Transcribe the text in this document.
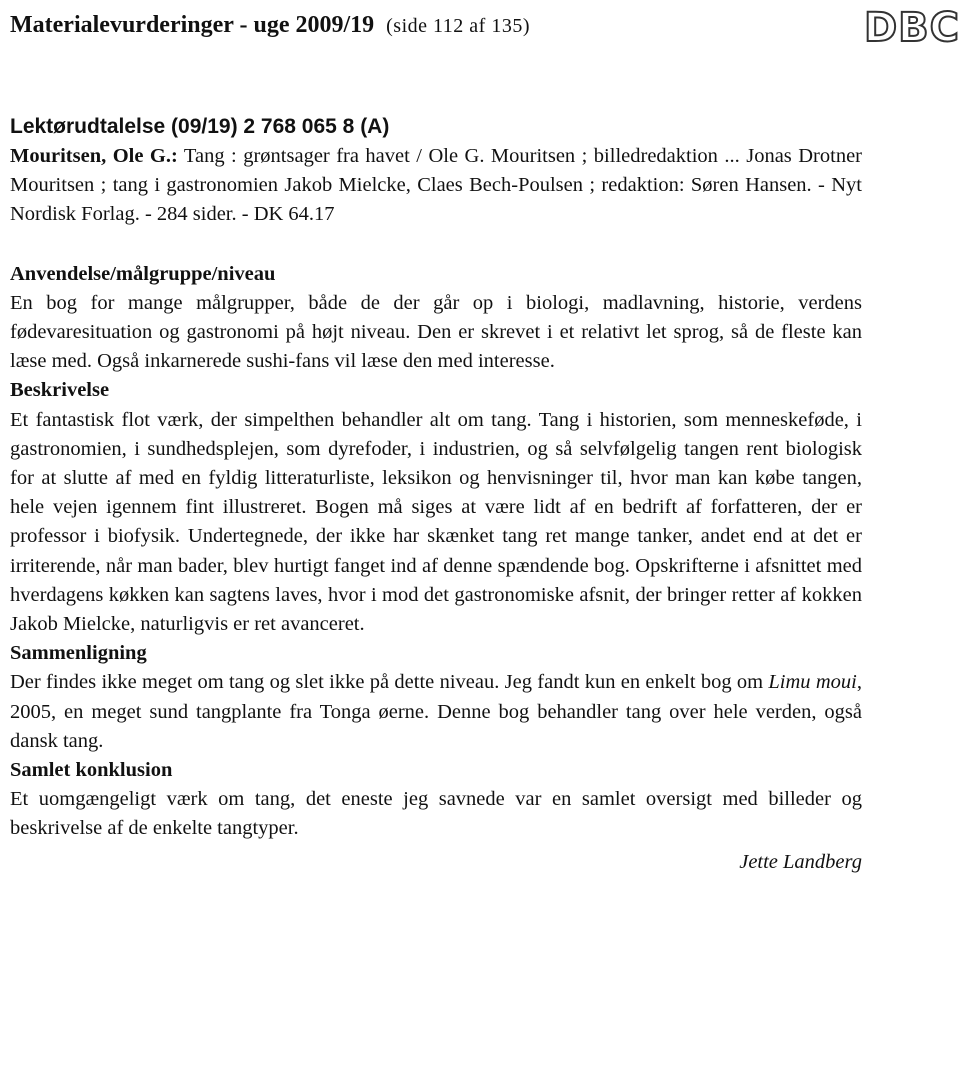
Materialevurderinger - uge 2009/19 (side 112 af 135)	DBC
Lektørudtalelse (09/19) 2 768 065 8 (A)
Mouritsen, Ole G.: Tang : grøntsager fra havet / Ole G. Mouritsen ; billedredaktion ... Jonas Drotner Mouritsen ; tang i gastronomien Jakob Mielcke, Claes Bech-Poulsen ; redaktion: Søren Hansen. - Nyt Nordisk Forlag. - 284 sider. - DK 64.17
Anvendelse/målgruppe/niveau
En bog for mange målgrupper, både de der går op i biologi, madlavning, historie, verdens fødevaresituation og gastronomi på højt niveau. Den er skrevet i et relativt let sprog, så de fleste kan læse med. Også inkarnerede sushi-fans vil læse den med interesse.
Beskrivelse
Et fantastisk flot værk, der simpelthen behandler alt om tang. Tang i historien, som menneskeføde, i gastronomien, i sundhedsplejen, som dyrefoder, i industrien, og så selvfølgelig tangen rent biologisk for at slutte af med en fyldig litteraturliste, leksikon og henvisninger til, hvor man kan købe tangen, hele vejen igennem fint illustreret. Bogen må siges at være lidt af en bedrift af forfatteren, der er professor i biofysik. Undertegnede, der ikke har skænket tang ret mange tanker, andet end at det er irriterende, når man bader, blev hurtigt fanget ind af denne spændende bog. Opskrifterne i afsnittet med hverdagens køkken kan sagtens laves, hvor i mod det gastronomiske afsnit, der bringer retter af kokken Jakob Mielcke, naturligvis er ret avanceret.
Sammenligning
Der findes ikke meget om tang og slet ikke på dette niveau. Jeg fandt kun en enkelt bog om Limu moui, 2005, en meget sund tangplante fra Tonga øerne. Denne bog behandler tang over hele verden, også dansk tang.
Samlet konklusion
Et uomgængeligt værk om tang, det eneste jeg savnede var en samlet oversigt med billeder og beskrivelse af de enkelte tangtyper.
Jette Landberg
